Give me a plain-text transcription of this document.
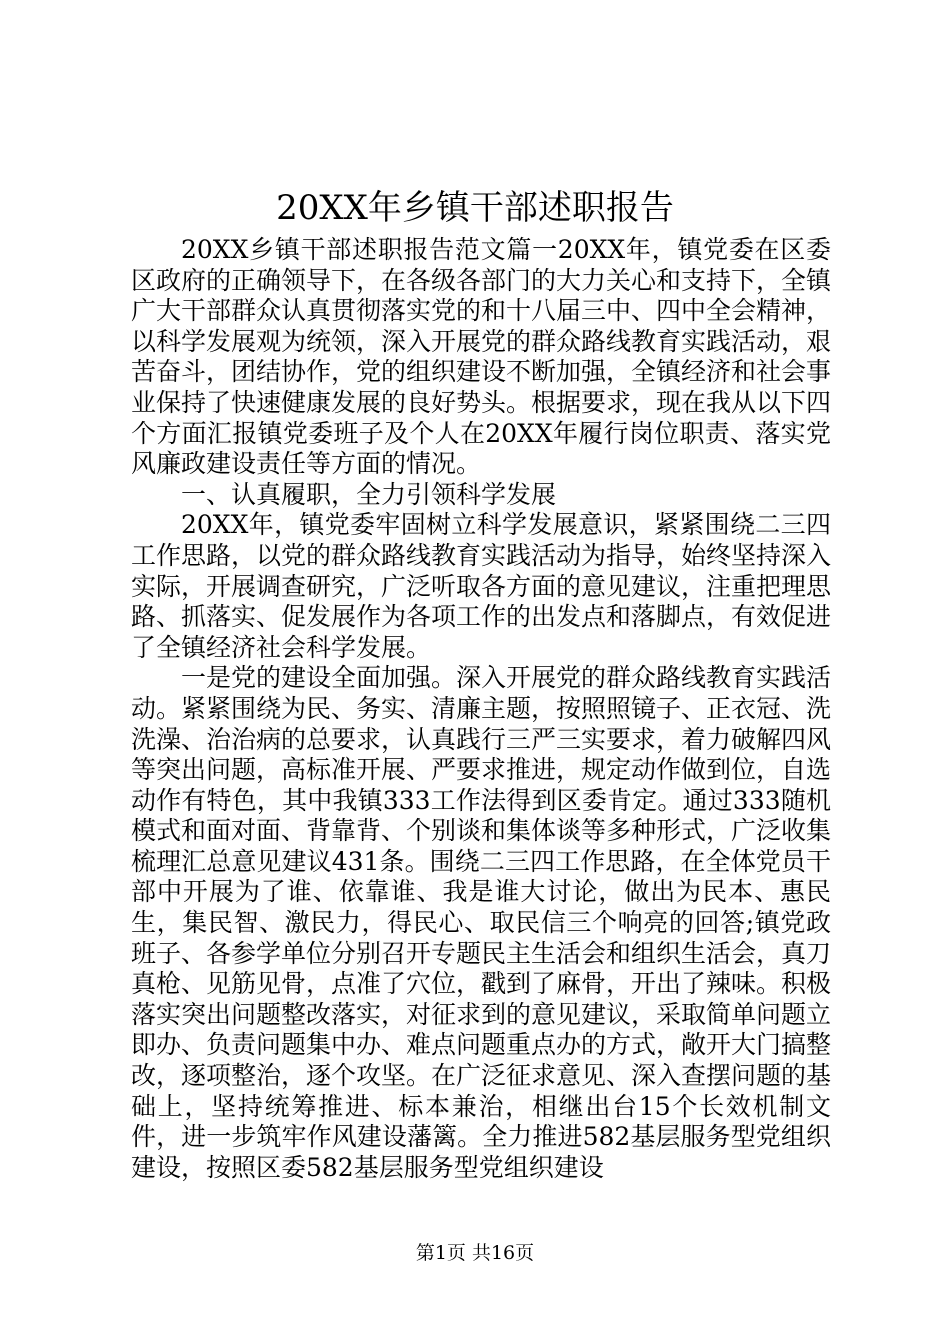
20XX年乡镇干部述职报告

20XX乡镇干部述职报告范文篇一20XX年，镇党委在区委区政府的正确领导下，在各级各部门的大力关心和支持下，全镇广大干部群众认真贯彻落实党的和十八届三中、四中全会精神，以科学发展观为统领，深入开展党的群众路线教育实践活动，艰苦奋斗，团结协作，党的组织建设不断加强，全镇经济和社会事业保持了快速健康发展的良好势头。根据要求，现在我从以下四个方面汇报镇党委班子及个人在20XX年履行岗位职责、落实党风廉政建设责任等方面的情况。

一、认真履职，全力引领科学发展

20XX年，镇党委牢固树立科学发展意识，紧紧围绕二三四工作思路，以党的群众路线教育实践活动为指导，始终坚持深入实际，开展调查研究，广泛听取各方面的意见建议，注重把理思路、抓落实、促发展作为各项工作的出发点和落脚点，有效促进了全镇经济社会科学发展。

一是党的建设全面加强。深入开展党的群众路线教育实践活动。紧紧围绕为民、务实、清廉主题，按照照镜子、正衣冠、洗洗澡、治治病的总要求，认真践行三严三实要求，着力破解四风等突出问题，高标准开展、严要求推进，规定动作做到位，自选动作有特色，其中我镇333工作法得到区委肯定。通过333随机模式和面对面、背靠背、个别谈和集体谈等多种形式，广泛收集梳理汇总意见建议431条。围绕二三四工作思路，在全体党员干部中开展为了谁、依靠谁、我是谁大讨论，做出为民本、惠民生，集民智、激民力，得民心、取民信三个响亮的回答;镇党政班子、各参学单位分别召开专题民主生活会和组织生活会，真刀真枪、见筋见骨，点准了穴位，戳到了麻骨，开出了辣味。积极落实突出问题整改落实，对征求到的意见建议，采取简单问题立即办、负责问题集中办、难点问题重点办的方式，敞开大门搞整改，逐项整治，逐个攻坚。在广泛征求意见、深入查摆问题的基础上，坚持统筹推进、标本兼治，相继出台15个长效机制文件，进一步筑牢作风建设藩篱。全力推进582基层服务型党组织建设，按照区委582基层服务型党组织建设

第1页 共16页
